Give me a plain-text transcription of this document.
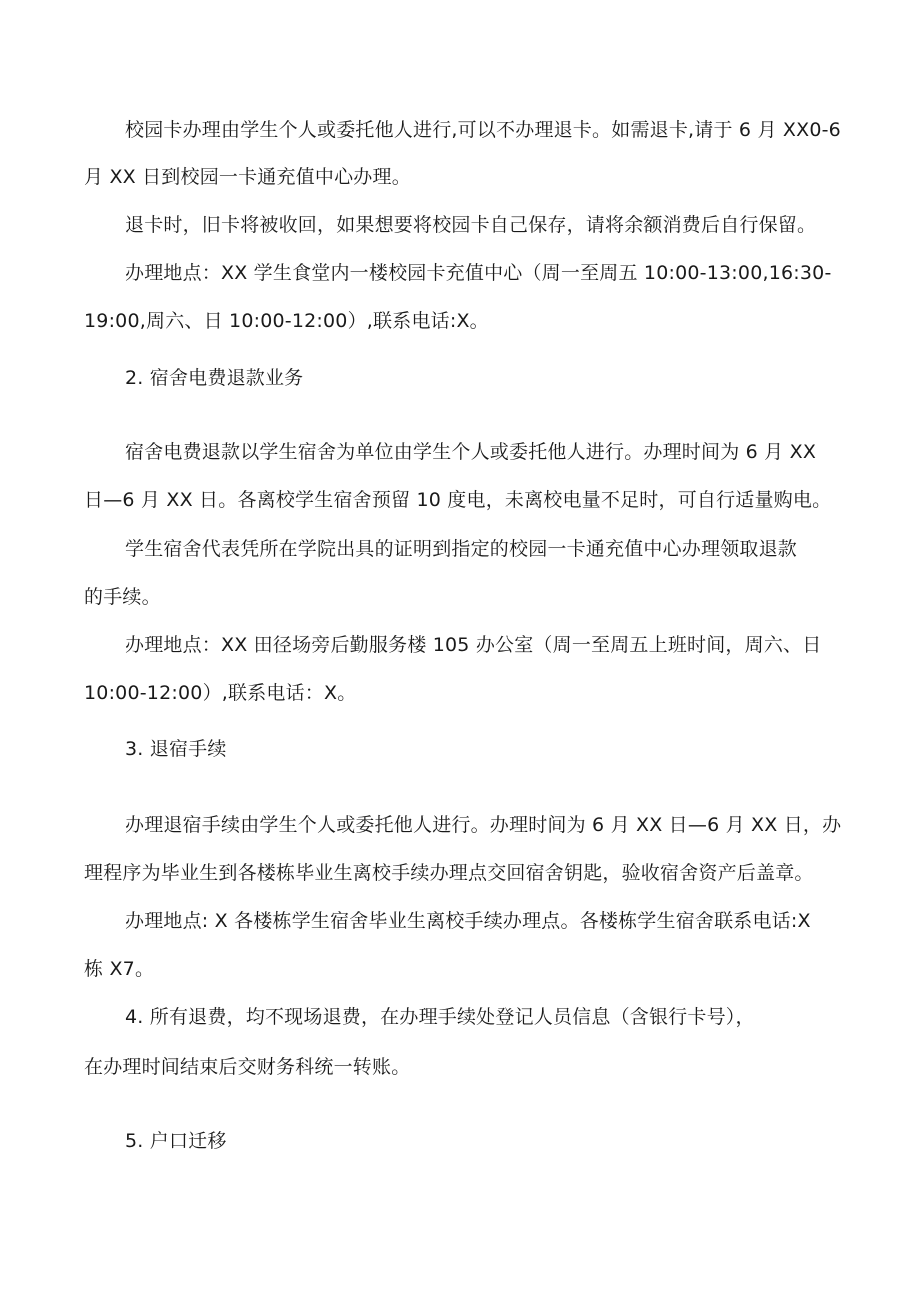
校园卡办理由学生个人或委托他人进行,可以不办理退卡。如需退卡,请于 6 月 XX0-6
月 XX 日到校园一卡通充值中心办理。
退卡时，旧卡将被收回，如果想要将校园卡自己保存，请将余额消费后自行保留。
办理地点：XX 学生食堂内一楼校园卡充值中心（周一至周五 10:00-13:00,16:30-
19:00,周六、日 10:00-12:00）,联系电话:X。
2. 宿舍电费退款业务
宿舍电费退款以学生宿舍为单位由学生个人或委托他人进行。办理时间为 6 月 XX
日—6 月 XX 日。各离校学生宿舍预留 10 度电，未离校电量不足时，可自行适量购电。
学生宿舍代表凭所在学院出具的证明到指定的校园一卡通充值中心办理领取退款
的手续。
办理地点：XX 田径场旁后勤服务楼 105 办公室（周一至周五上班时间，周六、日
10:00-12:00）,联系电话：X。
3. 退宿手续
办理退宿手续由学生个人或委托他人进行。办理时间为 6 月 XX 日—6 月 XX 日，办
理程序为毕业生到各楼栋毕业生离校手续办理点交回宿舍钥匙，验收宿舍资产后盖章。
办理地点: X 各楼栋学生宿舍毕业生离校手续办理点。各楼栋学生宿舍联系电话:X
栋 X7。
4. 所有退费，均不现场退费，在办理手续处登记人员信息（含银行卡号），
在办理时间结束后交财务科统一转账。
5. 户口迁移
